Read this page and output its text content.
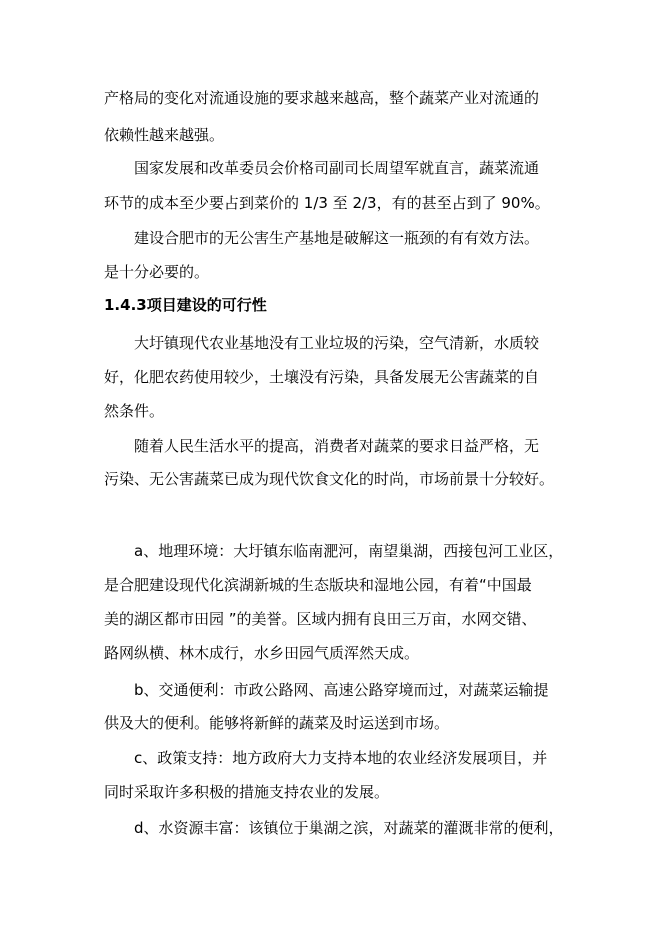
产格局的变化对流通设施的要求越来越高，整个蔬菜产业对流通的
依赖性越来越强。
国家发展和改革委员会价格司副司长周望军就直言，蔬菜流通
环节的成本至少要占到菜价的 1/3 至 2/3，有的甚至占到了 90%。
建设合肥市的无公害生产基地是破解这一瓶颈的有有效方法。
是十分必要的。
1.4.3项目建设的可行性
大圩镇现代农业基地没有工业垃圾的污染，空气清新，水质较
好，化肥农药使用较少，土壤没有污染，具备发展无公害蔬菜的自
然条件。
随着人民生活水平的提高，消费者对蔬菜的要求日益严格，无
污染、无公害蔬菜已成为现代饮食文化的时尚，市场前景十分较好。
a、地理环境：大圩镇东临南淝河，南望巢湖，西接包河工业区，
是合肥建设现代化滨湖新城的生态版块和湿地公园，有着“中国最
美的湖区都市田园 ”的美誉。区域内拥有良田三万亩，水网交错、
路网纵横、林木成行，水乡田园气质浑然天成。
b、交通便利：市政公路网、高速公路穿境而过，对蔬菜运输提
供及大的便利。能够将新鲜的蔬菜及时运送到市场。
c、政策支持：地方政府大力支持本地的农业经济发展项目，并
同时采取许多积极的措施支持农业的发展。
d、水资源丰富：该镇位于巢湖之滨，对蔬菜的灌溉非常的便利，
